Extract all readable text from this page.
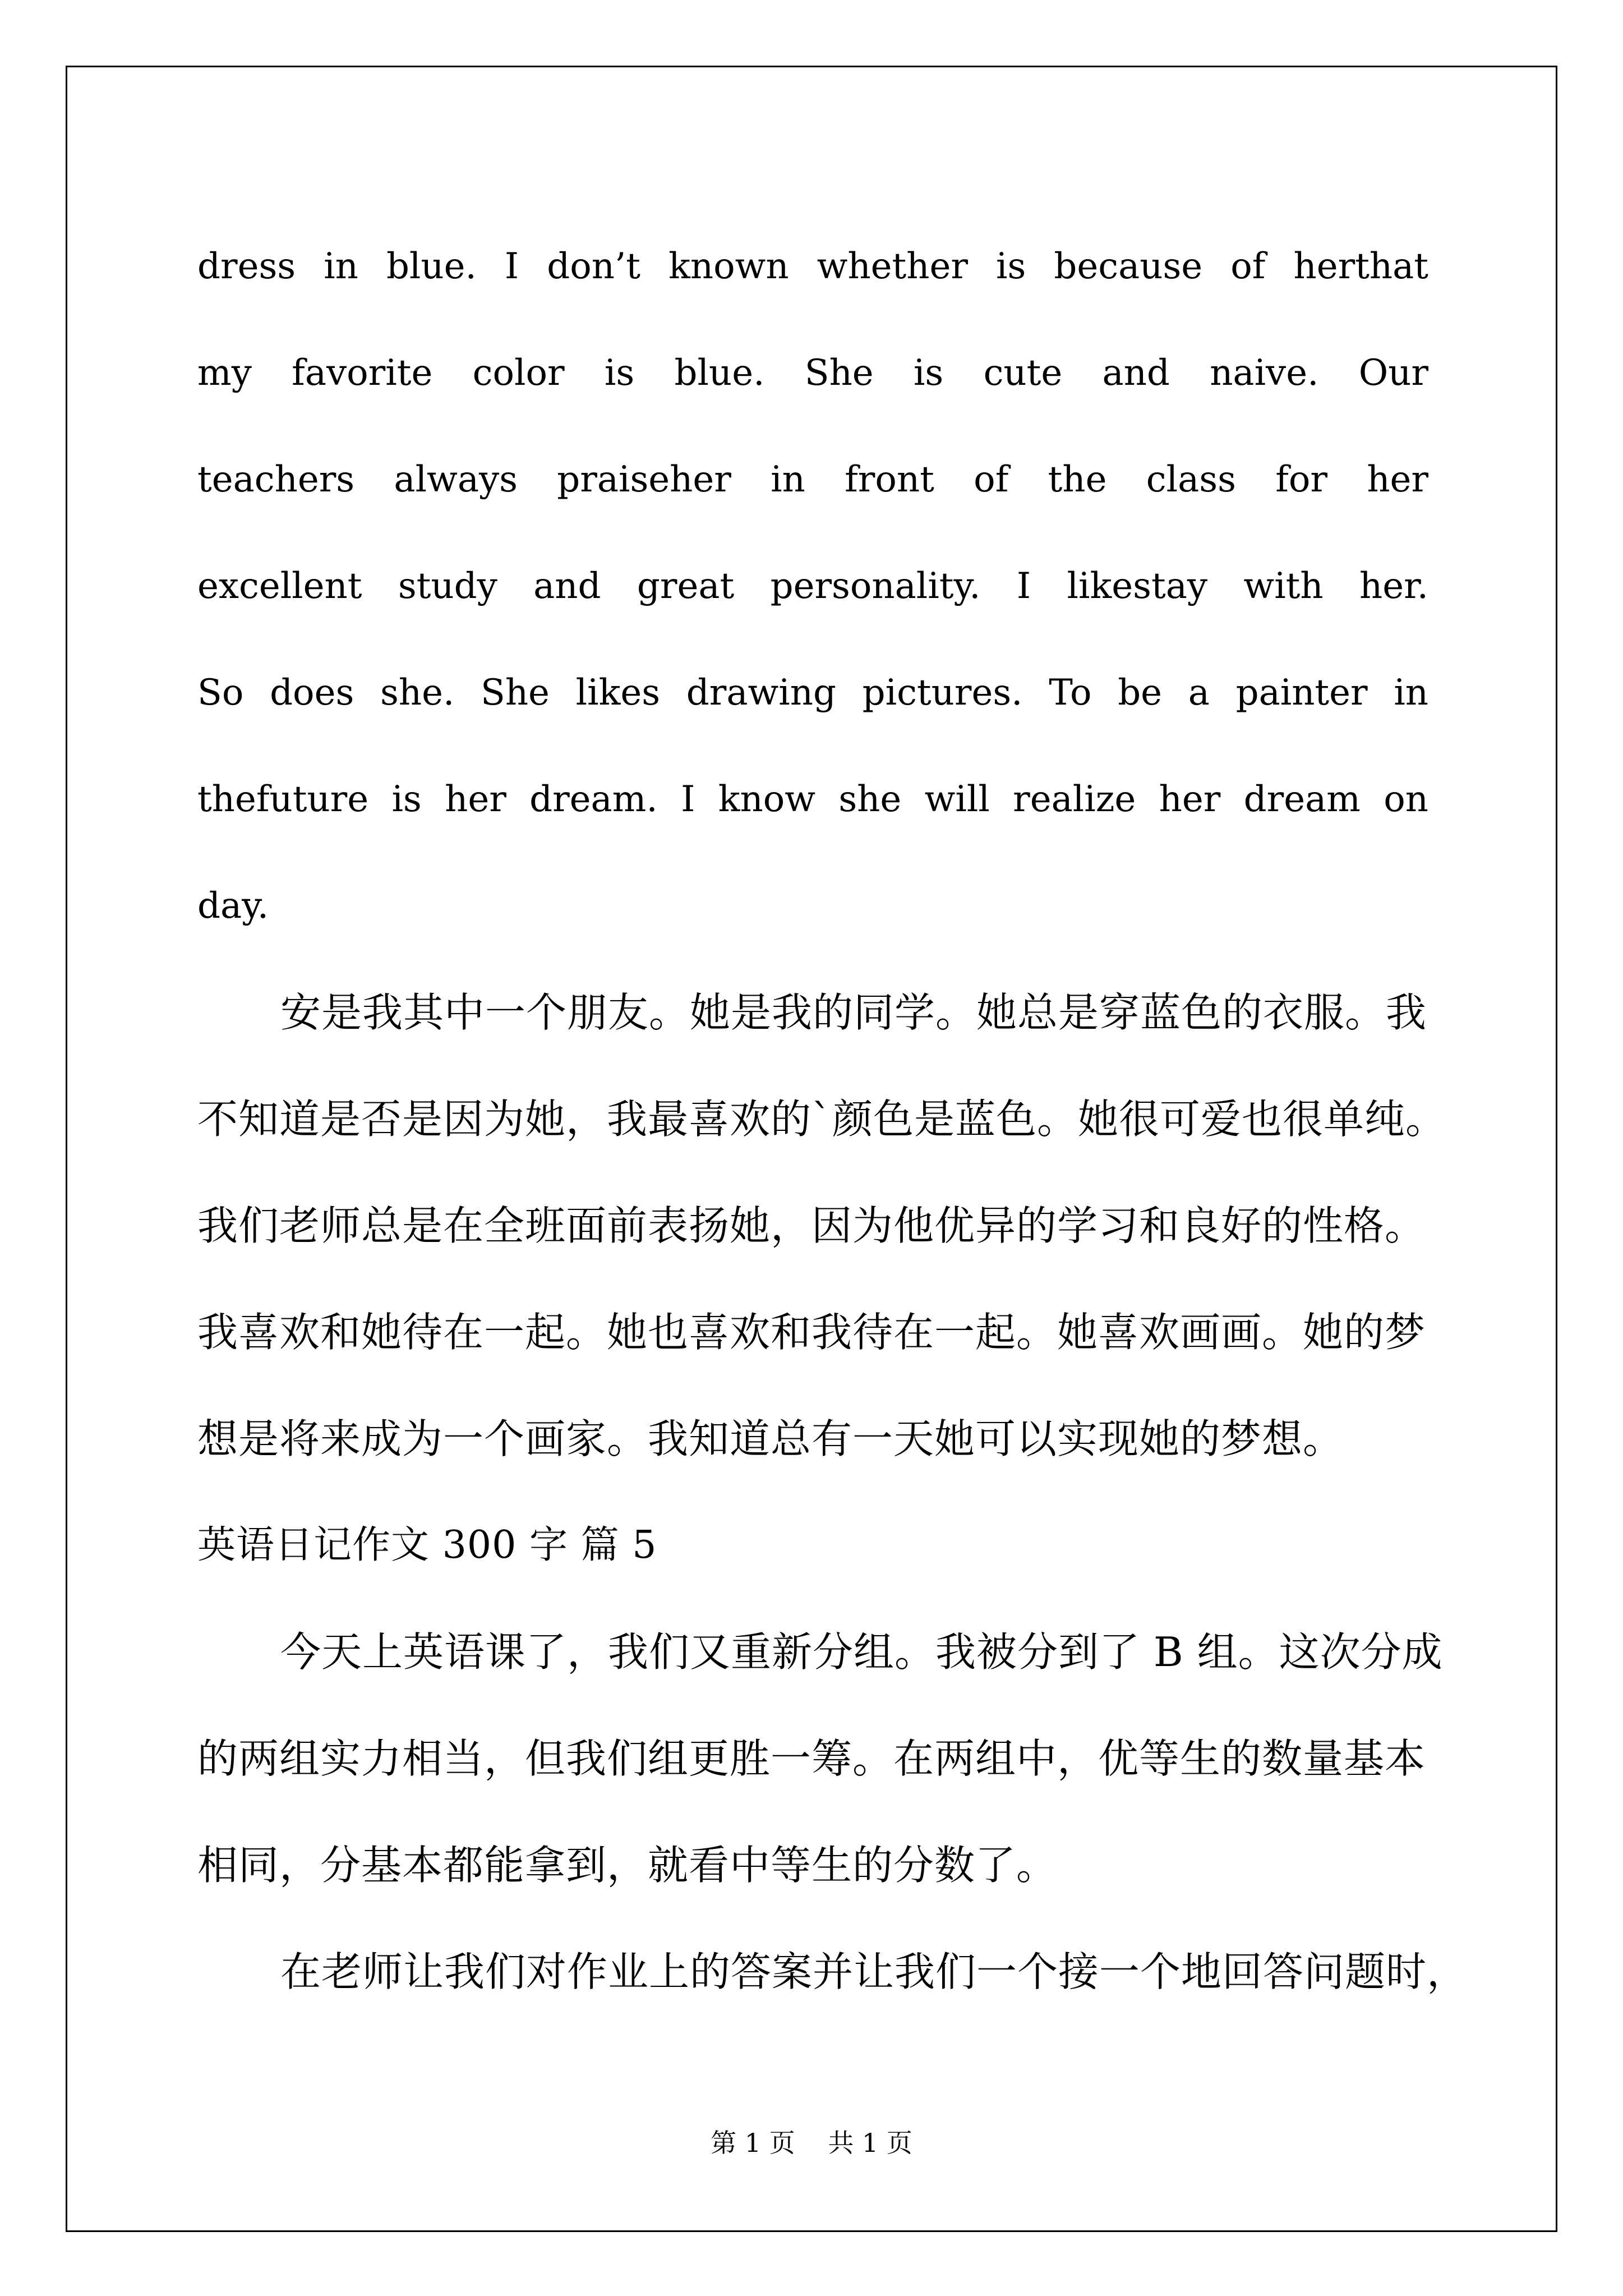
dress in blue. I don’t known whether is because of herthat
my favorite color is blue. She is cute and naive. Our
teachers always praiseher in front of the class for her
excellent study and great personality. I likestay with her.
So does she. She likes drawing pictures. To be a painter in
thefuture is her dream. I know she will realize her dream on
day.
安是我其中一个朋友。她是我的同学。她总是穿蓝色的衣服。我
不知道是否是因为她，我最喜欢的`颜色是蓝色。她很可爱也很单纯。
我们老师总是在全班面前表扬她，因为他优异的学习和良好的性格。
我喜欢和她待在一起。她也喜欢和我待在一起。她喜欢画画。她的梦
想是将来成为一个画家。我知道总有一天她可以实现她的梦想。
英语日记作文 300 字 篇 5
今天上英语课了，我们又重新分组。我被分到了 B 组。这次分成
的两组实力相当，但我们组更胜一筹。在两组中，优等生的数量基本
相同，分基本都能拿到，就看中等生的分数了。
在老师让我们对作业上的答案并让我们一个接一个地回答问题时，
第 1 页 共 1 页
